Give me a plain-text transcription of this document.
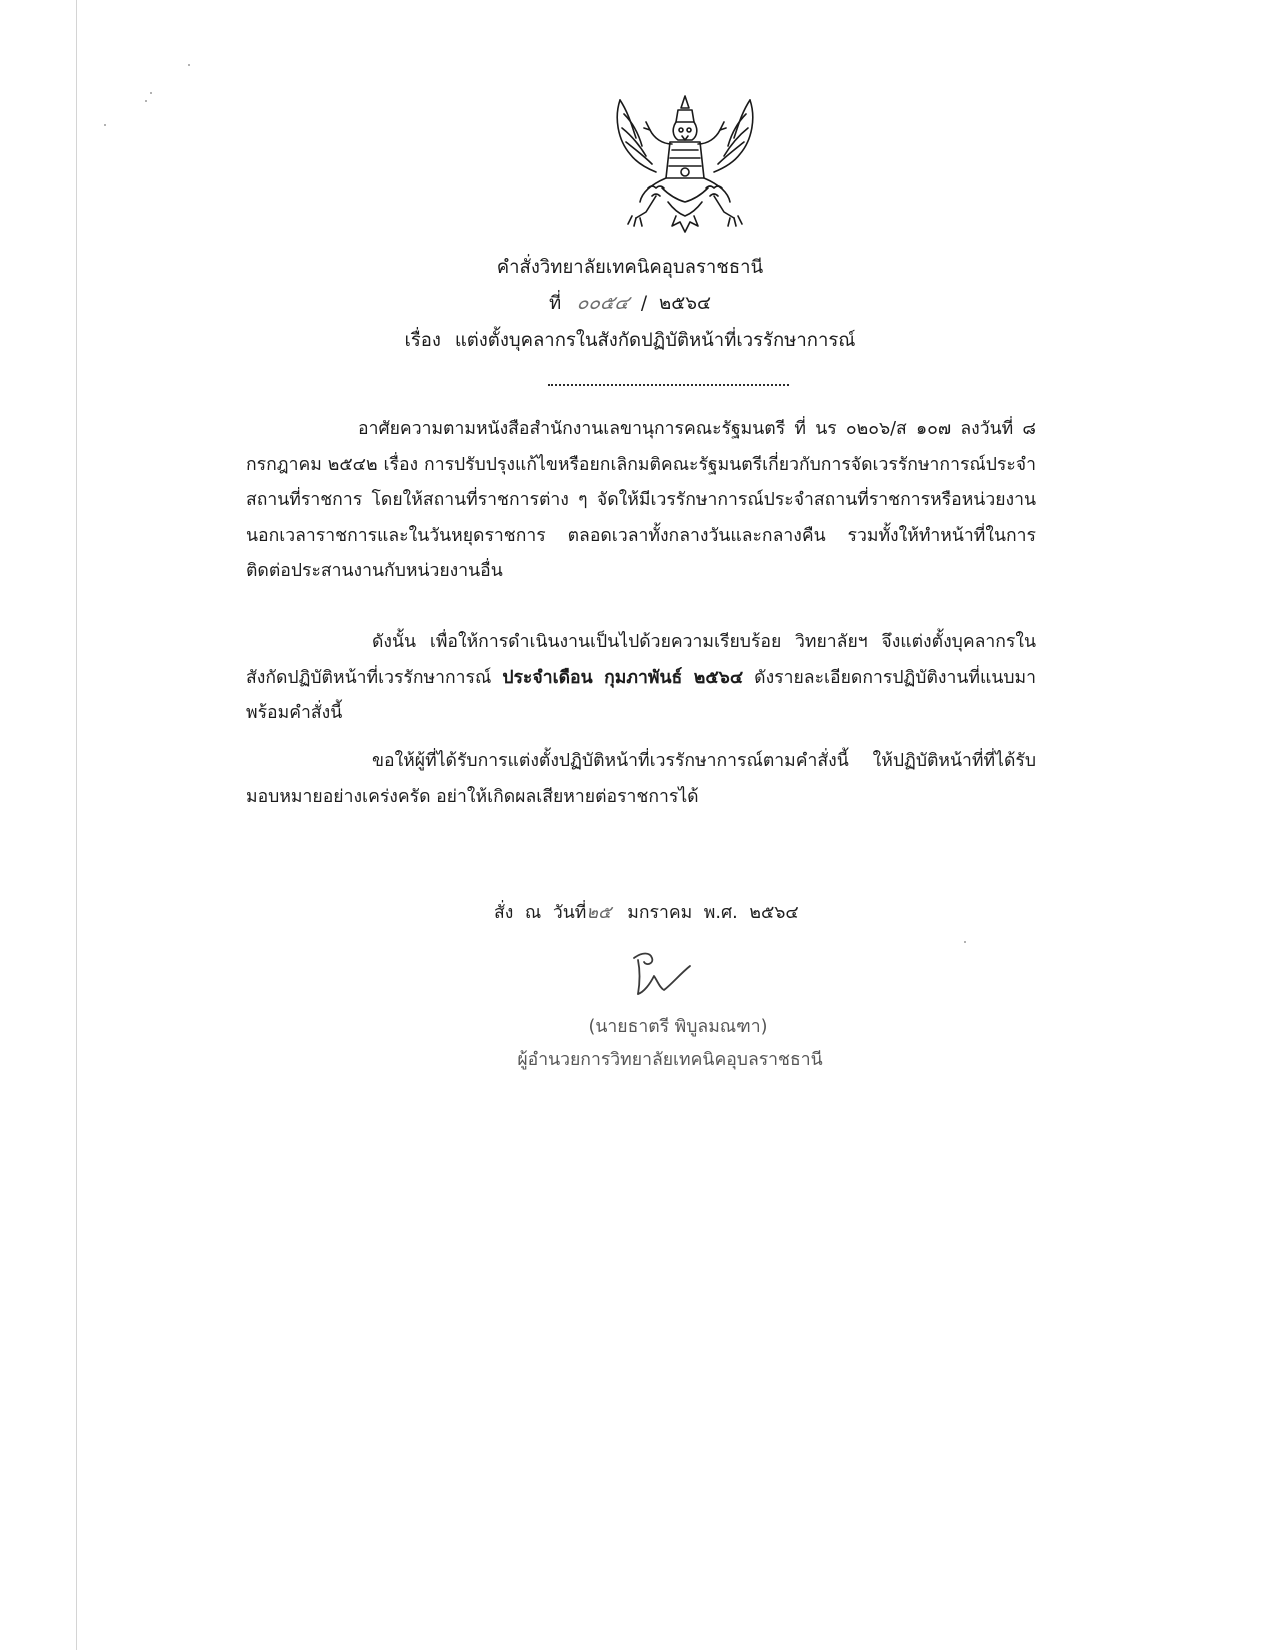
คำสั่งวิทยาลัยเทคนิคอุบลราชธานี
ที่ ๐๐๕๔ / ๒๕๖๔
เรื่อง แต่งตั้งบุคลากรในสังกัดปฏิบัติหน้าที่เวรรักษาการณ์

อาศัยความตามหนังสือสำนักงานเลขานุการคณะรัฐมนตรี ที่ นร ๐๒๐๖/ส ๑๐๗ ลงวันที่ ๘ กรกฎาคม ๒๕๔๒ เรื่อง การปรับปรุงแก้ไขหรือยกเลิกมติคณะรัฐมนตรีเกี่ยวกับการจัดเวรรักษาการณ์ประจำสถานที่ราชการ โดยให้สถานที่ราชการต่าง ๆ จัดให้มีเวรรักษาการณ์ประจำสถานที่ราชการหรือหน่วยงานนอกเวลาราชการและในวันหยุดราชการ ตลอดเวลาทั้งกลางวันและกลางคืน รวมทั้งให้ทำหน้าที่ในการติดต่อประสานงานกับหน่วยงานอื่น

ดังนั้น เพื่อให้การดำเนินงานเป็นไปด้วยความเรียบร้อย วิทยาลัยฯ จึงแต่งตั้งบุคลากรในสังกัดปฏิบัติหน้าที่เวรรักษาการณ์ ประจำเดือน กุมภาพันธ์ ๒๕๖๔ ดังรายละเอียดการปฏิบัติงานที่แนบมาพร้อมคำสั่งนี้

ขอให้ผู้ที่ได้รับการแต่งตั้งปฏิบัติหน้าที่เวรรักษาการณ์ตามคำสั่งนี้ ให้ปฏิบัติหน้าที่ที่ได้รับมอบหมายอย่างเคร่งครัด อย่าให้เกิดผลเสียหายต่อราชการได้

สั่ง ณ วันที่๒๕ มกราคม พ.ศ. ๒๕๖๔
(นายธาตรี พิบูลมณฑา)
ผู้อำนวยการวิทยาลัยเทคนิคอุบลราชธานี
